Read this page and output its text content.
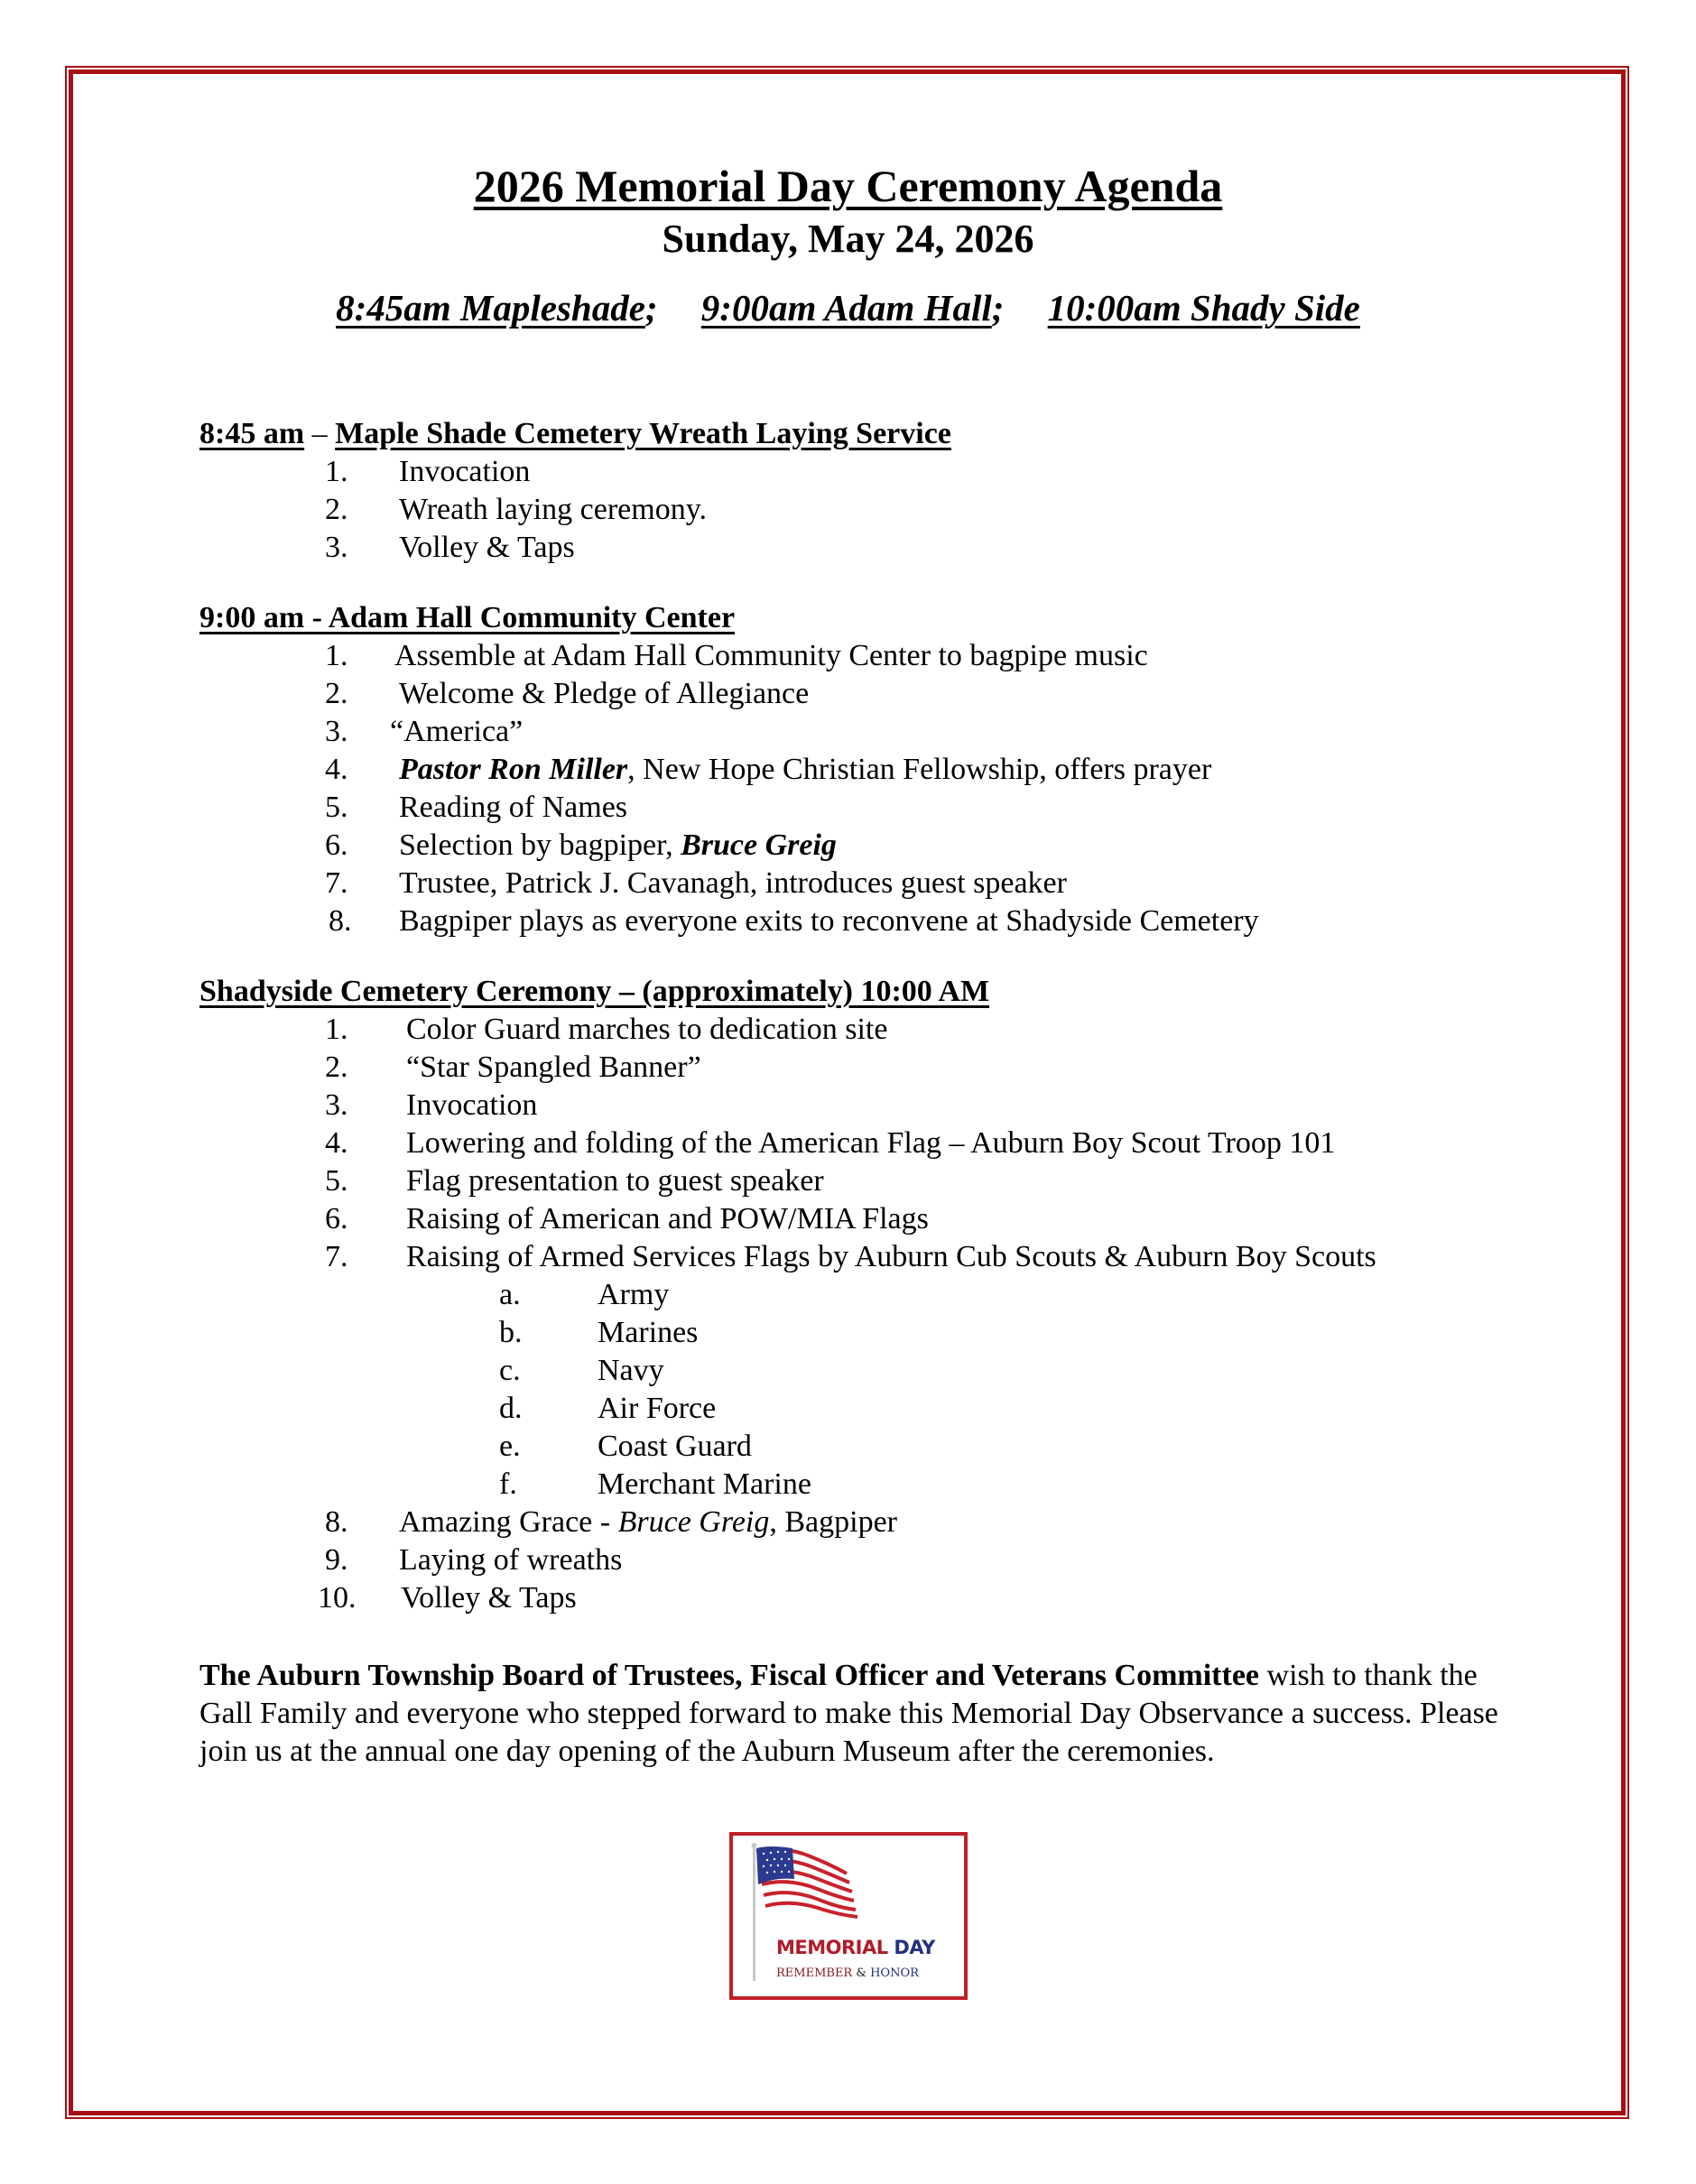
2026 Memorial Day Ceremony Agenda
Sunday, May 24, 2026
8:45am Mapleshade; 9:00am Adam Hall; 10:00am Shady Side
8:45 am – Maple Shade Cemetery Wreath Laying Service
1. Invocation
2. Wreath laying ceremony.
3. Volley & Taps
9:00 am - Adam Hall Community Center
1. Assemble at Adam Hall Community Center to bagpipe music
2. Welcome & Pledge of Allegiance
3. “America”
4. Pastor Ron Miller, New Hope Christian Fellowship, offers prayer
5. Reading of Names
6. Selection by bagpiper, Bruce Greig
7. Trustee, Patrick J. Cavanagh, introduces guest speaker
8. Bagpiper plays as everyone exits to reconvene at Shadyside Cemetery
Shadyside Cemetery Ceremony – (approximately) 10:00 AM
1. Color Guard marches to dedication site
2. “Star Spangled Banner”
3. Invocation
4. Lowering and folding of the American Flag – Auburn Boy Scout Troop 101
5. Flag presentation to guest speaker
6. Raising of American and POW/MIA Flags
7. Raising of Armed Services Flags by Auburn Cub Scouts & Auburn Boy Scouts
a.	Army
b. Marines
c.	Navy
d. Air Force
e.	Coast Guard
f.	Merchant Marine
8. Amazing Grace - Bruce Greig, Bagpiper
9. Laying of wreaths
10. Volley & Taps
The Auburn Township Board of Trustees, Fiscal Officer and Veterans Committee wish to thank the Gall Family and everyone who stepped forward to make this Memorial Day Observance a success. Please join us at the annual one day opening of the Auburn Museum after the ceremonies.
MEMORIAL DAY
REMEMBER & HONOR
